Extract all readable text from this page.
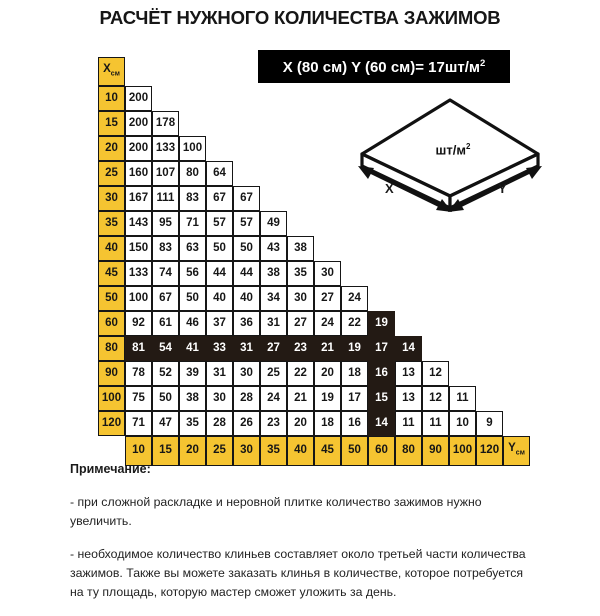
РАСЧЁТ НУЖНОГО КОЛИЧЕСТВА ЗАЖИМОВ
X (80 см) Y (60 $см)= 17шт/м^2$
$шт/м^2$
X	Y
$X_{см}$														
10	200														
15	200	178													
20	200	133	100												
25	160	107	80	64											
30	167	111	83	67	67										
35	143	95	71	57	57	49									
40	150	83	63	50	50	43	38								
45	133	74	56	44	44	38	35	30							
50	100	67	50	40	40	34	30	27	24						
60	92	61	46	37	36	31	27	24	22	19					
80	81	54	41	33	31	27	23	21	19	17	14				
90	78	52	39	31	30	25	22	20	18	16	13	12			
100	75	50	38	30	28	24	21	19	17	15	13	12	11		
120	71	47	35	28	26	23	20	18	16	14	11	11	10	9	
	10	15	20	25	30	35	40	45	50	60	80	90	100	120	$Y_{см}$
Примечание:
- при сложной раскладке и неровной плитке количество зажимов нужно увеличить.
- необходимое количество клиньев составляет около третьей части количества зажимов. Также вы можете заказать клинья в количестве, которое потребуется на ту площадь, которую мастер сможет уложить за день.
